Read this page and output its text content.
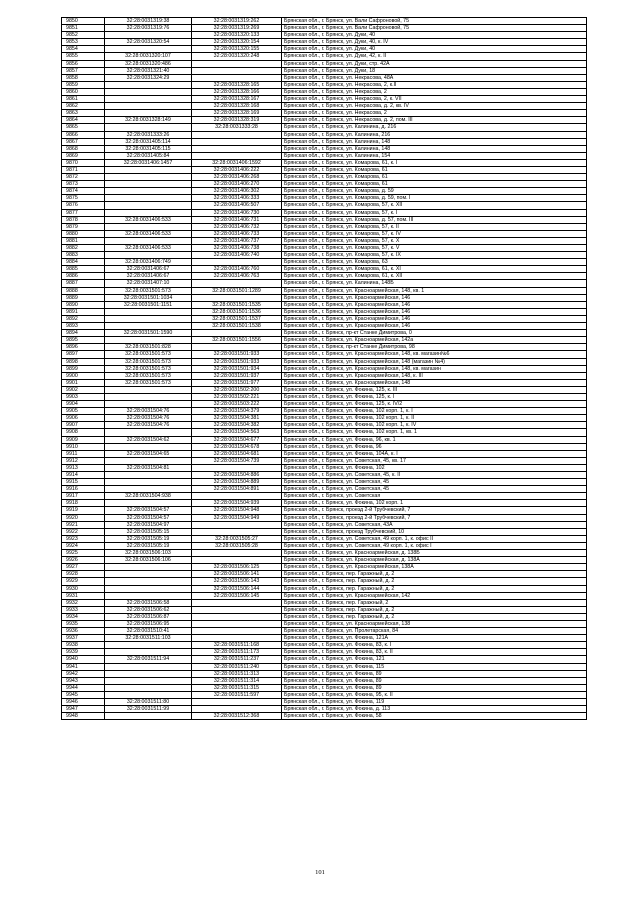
9850	32:28:0031319:38	32:28:0031319:262	Брянская обл., г. Брянск, ул. Вали Сафроновой, 75
9851	32:28:0031319:76	32:28:0031319:269	Брянская обл., г. Брянск, ул. Вали Сафроновой, 75
9852		32:28:0031320:133	Брянская обл., г. Брянск, ул. Дуки, 40
9853	32:28:0031320:54	32:28:0031320:154	Брянская обл., г. Брянск, ул. Дуки, 40, к. IV
9854		32:28:0031320:155	Брянская обл., г. Брянск, ул. Дуки, 40
9855	32:28:0031320:107	32:28:0031320:248	Брянская обл., г. Брянск, ул. Дуки, 42, к. II
9856	32:28:0031320:486		Брянская обл., г. Брянск, ул. Дуки, стр. 42А
9857	32:28:0031321:40		Брянская обл., г. Брянск, ул. Дуки, 18
9858	32:28:0031324:29		Брянская обл., г. Брянск, ул. Некрасова, 48А
9859		32:28:0031328:165	Брянская обл., г. Брянск, ул. Некрасова, 2, к.II
9860		32:28:0031328:166	Брянская обл., г. Брянск, ул. Некрасова, 2
9861		32:28:0031328:167	Брянская обл., г. Брянск, ул. Некрасова, 2, к. VII
9862		32:28:0031328:168	Брянская обл., г. Брянск, ул. Некрасова, д. 2, кв. IV
9863		32:28:0031328:169	Брянская обл., г. Брянск, ул. Некрасова, 2
9864	32:28:0031328:149	32:28:0031328:319	Брянская обл., г. Брянск, ул. Некрасова, д. 2, пом. III
9865		32:28:0031333:28	Брянская обл., г. Брянск, ул. Калинина, д. 216
9866	32:28:0031333:26		Брянская обл., г. Брянск, ул. Калинина, 216
9867	32:28:0031405:114		Брянская обл., г. Брянск, ул. Калинина, 148
9868	32:28:0031405:115		Брянская обл., г. Брянск, ул. Калинина, 148
9869	32:28:0031405:84		Брянская обл., г. Брянск, ул. Калинина, 154
9870	32:28:0031406:1457	32:28:0031406:1592	Брянская обл., г. Брянск, ул. Комарова, 61, к. I
9871		32:28:0031406:222	Брянская обл., г. Брянск, ул. Комарова, 61
9872		32:28:0031406:268	Брянская обл., г. Брянск, ул. Комарова, 61
9873		32:28:0031406:270	Брянская обл., г. Брянск, ул. Комарова, 61
9874		32:28:0031406:302	Брянская обл., г. Брянск, ул. Комарова, д. 59
9875		32:28:0031406:333	Брянская обл., г. Брянск, ул. Комарова, д. 59, пом. I
9876		32:28:0031406:507	Брянская обл., г. Брянск, ул. Комарова, 57, к. XII
9877		32:28:0031406:730	Брянская обл., г. Брянск, ул. Комарова, 57, к. I
9878	32:28:0031406:533	32:28:0031406:731	Брянская обл., г. Брянск, ул. Комарова, д. 57, пом. III
9879		32:28:0031406:732	Брянская обл., г. Брянск, ул. Комарова, 57, к. II
9880	32:28:0031406:533	32:28:0031406:733	Брянская обл., г. Брянск, ул. Комарова, 57, к. IV
9881		32:28:0031406:737	Брянская обл., г. Брянск, ул. Комарова, 57, к. X
9882	32:28:0031406:533	32:28:0031406:738	Брянская обл., г. Брянск, ул. Комарова, 57, к. V
9883		32:28:0031406:740	Брянская обл., г. Брянск, ул. Комарова, 57, к. IX
9884	32:28:0031406:749		Брянская обл., г. Брянск, ул. Комарова, 63
9885	32:28:0031406:67	32:28:0031406:760	Брянская обл., г. Брянск, ул. Комарова, 61, к. XI
9886	32:28:0031406:67	32:28:0031406:763	Брянская обл., г. Брянск, ул. Комарова, 61, к. XII
9887	32:28:0031407:10		Брянская обл., г. Брянск, ул. Калинина, 148Б
9888	32:28:0031501:573	32:28:0031501:1289	Брянская обл., г. Брянск, ул. Красноармейская, 148, кв. 1
9889	32:28:0031501:1034		Брянская обл., г. Брянск, ул. Красноармейская, 146
9890	32:28:0031501:1151	32:28:0031501:1535	Брянская обл., г. Брянск, ул. Красноармейская, 146
9891		32:28:0031501:1536	Брянская обл., г. Брянск, ул. Красноармейская, 146
9892		32:28:0031501:1537	Брянская обл., г. Брянск, ул. Красноармейская, 146
9893		32:28:0031501:1538	Брянская обл., г. Брянск, ул. Красноармейская, 146
9894	32:28:0031501:1590		Брянская обл., г. Брянск, пр-кт Станке Димитрова, 0
9895		32:28:0031501:1556	Брянская обл., г. Брянск, ул. Красноармейская, 142а
9896	32:28:0031501:828		Брянская обл., г. Брянск, пр-кт Станке Димитрова, 98
9897	32:28:0031501:573	32:28:0031501:933	Брянская обл., г. Брянск, ул. Красноармейская, 148, кв. магазин№6
9898	32:28:0031501:573	32:28:0031501:933	Брянская обл., г. Брянск, ул. Красноармейская, 148 (магазин №4)
9899	32:28:0031501:573	32:28:0031501:934	Брянская обл., г. Брянск, ул. Красноармейская, 148, кв. магазин
9900	32:28:0031501:573	32:28:0031501:937	Брянская обл., г. Брянск, ул. Красноармейская, 148, к. III
9901	32:28:0031501:573	32:28:0031501:977	Брянская обл., г. Брянск, ул. Красноармейская, 148
9902		32:28:0031502:200	Брянская обл., г. Брянск, ул. Фокина, 125, к. III
9903		32:28:0031502:221	Брянская обл., г. Брянск, ул. Фокина, 125, к. I
9904		32:28:0031503:222	Брянская обл., г. Брянск, ул. Фокина, 125, к. IV/2
9905	32:28:0031504:76	32:28:0031504:379	Брянская обл., г. Брянск, ул. Фокина, 102 корп. 1, к. I
9906	32:28:0031504:76	32:28:0031504:381	Брянская обл., г. Брянск, ул. Фокина, 102 корп. 1, к. II
9907	32:28:0031504:76	32:28:0031504:382	Брянская обл., г. Брянск, ул. Фокина, 102 корп. 1, к. IV
9908		32:28:0031504:563	Брянская обл., г. Брянск, ул. Фокина, 102 корп. 1, кв. 1
9909	32:28:0031504:62	32:28:0031504:677	Брянская обл., г. Брянск, ул. Фокина, 96, кв. 1
9910		32:28:0031504:678	Брянская обл., г. Брянск, ул. Фокина, 96
9911	32:28:0031504:65	32:28:0031504:681	Брянская обл., г. Брянск, ул. Фокина, 104А, к. I
9912		32:28:0031504:739	Брянская обл., г. Брянск, ул. Советская, 45, кв. 17
9913	32:28:0031504:81		Брянская обл., г. Брянск, ул. Фокина, 102
9914		32:28:0031504:886	Брянская обл., г. Брянск, ул. Советская, 45, к. II
9915		32:28:0031504:889	Брянская обл., г. Брянск, ул. Советская, 45
9916		32:28:0031504:891	Брянская обл., г. Брянск, ул. Советская, 45
9917	32:28:0031504:938		Брянская обл., г. Брянск, ул. Советская
9918		32:28:0031504:939	Брянская обл., г. Брянск, ул. Фокина, 102 корп. 1
9919	32:28:0031504:57	32:28:0031504:948	Брянская обл., г. Брянск, проезд 2-й Трубчевский, 7
9920	32:28:0031504:57	32:28:0031504:949	Брянская обл., г. Брянск, проезд 2-й Трубчевский, 7
9921	32:28:0031504:97		Брянская обл., г. Брянск, ул. Советская, 43А
9922	32:28:0031505:15		Брянская обл., г. Брянск, проезд Трубчевский, 10
9923	32:28:0031505:19	32:28:0031505:27	Брянская обл., г. Брянск, ул. Советская, 49 корп. 1, к. офис II
9924	32:28:0031505:19	32:28:0031505:28	Брянская обл., г. Брянск, ул. Советская, 49 корп. 1, к. офис I
9925	32:28:0031506:103		Брянская обл., г. Брянск, ул. Красноармейская, д. 138Б
9926	32:28:0031506:106		Брянская обл., г. Брянск, ул. Красноармейская, д. 138А
9927		32:28:0031506:125	Брянская обл., г. Брянск, ул. Красноармейская, 138А
9928		32:28:0031506:141	Брянская обл., г. Брянск, пер. Гаражный, д. 2
9929		32:28:0031506:143	Брянская обл., г. Брянск, пер. Гаражный, д. 2
9930		32:28:0031506:144	Брянская обл., г. Брянск, пер. Гаражный, д. 2
9931		32:28:0031506:145	Брянская обл., г. Брянск, ул. Красноармейская, 142
9932	32:28:0031506:58		Брянская обл., г. Брянск, пер. Гаражный, 2
9933	32:28:0031506:62		Брянская обл., г. Брянск, пер. Гаражный, д. 2
9934	32:28:0031506:87		Брянская обл., г. Брянск, пер. Гаражный, д. 2
9935	32:28:0031506:95		Брянская обл., г. Брянск, ул. Красноармейская, 138
9936	32:28:0031510:41		Брянская обл., г. Брянск, ул. Пролетарская, 84
9937	32:28:0031511:103		Брянская обл., г. Брянск, ул. Фокина, 121А
9938		32:28:0031511:168	Брянская обл., г. Брянск, ул. Фокина, 83, к. I
9939		32:28:0031511:173	Брянская обл., г. Брянск, ул. Фокина, 83, к. II
9940	32:28:0031511:94	32:28:0031511:237	Брянская обл., г. Брянск, ул. Фокина, 121
9941		32:28:0031511:240	Брянская обл., г. Брянск, ул. Фокина, 115
9942		32:28:0031511:313	Брянская обл., г. Брянск, ул. Фокина, 89
9943		32:28:0031511:314	Брянская обл., г. Брянск, ул. Фокина, 89
9944		32:28:0031511:315	Брянская обл., г. Брянск, ул. Фокина, 89
9945		32:28:0031511:597	Брянская обл., г. Брянск, ул. Фокина, 95, к. II
9946	32:28:0031511:80		Брянская обл., г. Брянск, ул. Фокина, 119
9947	32:28:0031511:99		Брянская обл., г. Брянск, ул. Фокина, д. 113
9948		32:28:0031512:368	Брянская обл., г. Брянск, ул. Фокина, 58
101
